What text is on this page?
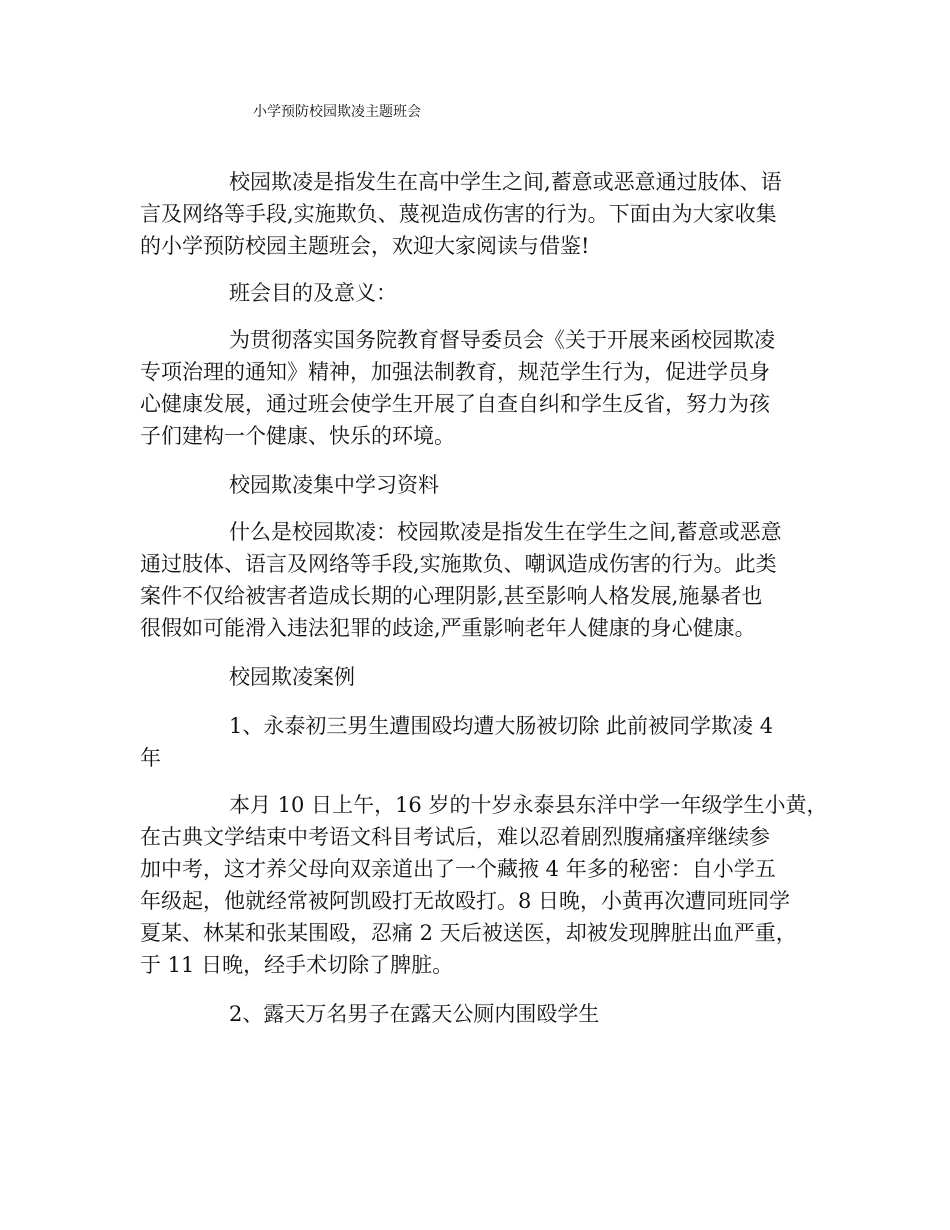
小学预防校园欺凌主题班会
校园欺凌是指发生在高中学生之间,蓄意或恶意通过肢体、语
言及网络等手段,实施欺负、蔑视造成伤害的行为。下面由为大家收集
的小学预防校园主题班会，欢迎大家阅读与借鉴!
班会目的及意义：
为贯彻落实国务院教育督导委员会《关于开展来函校园欺凌
专项治理的通知》精神，加强法制教育，规范学生行为，促进学员身
心健康发展，通过班会使学生开展了自查自纠和学生反省，努力为孩
子们建构一个健康、快乐的环境。
校园欺凌集中学习资料
什么是校园欺凌：校园欺凌是指发生在学生之间,蓄意或恶意
通过肢体、语言及网络等手段,实施欺负、嘲讽造成伤害的行为。此类
案件不仅给被害者造成长期的心理阴影,甚至影响人格发展,施暴者也
很假如可能滑入违法犯罪的歧途,严重影响老年人健康的身心健康。
校园欺凌案例
1、永泰初三男生遭围殴均遭大肠被切除 此前被同学欺凌 4
年
本月 10 日上午，16 岁的十岁永泰县东洋中学一年级学生小黄，
在古典文学结束中考语文科目考试后，难以忍着剧烈腹痛瘙痒继续参
加中考，这才养父母向双亲道出了一个藏掖 4 年多的秘密：自小学五
年级起，他就经常被阿凯殴打无故殴打。8 日晚，小黄再次遭同班同学
夏某、林某和张某围殴，忍痛 2 天后被送医，却被发现脾脏出血严重，
于 11 日晚，经手术切除了脾脏。
2、露天万名男子在露天公厕内围殴学生
